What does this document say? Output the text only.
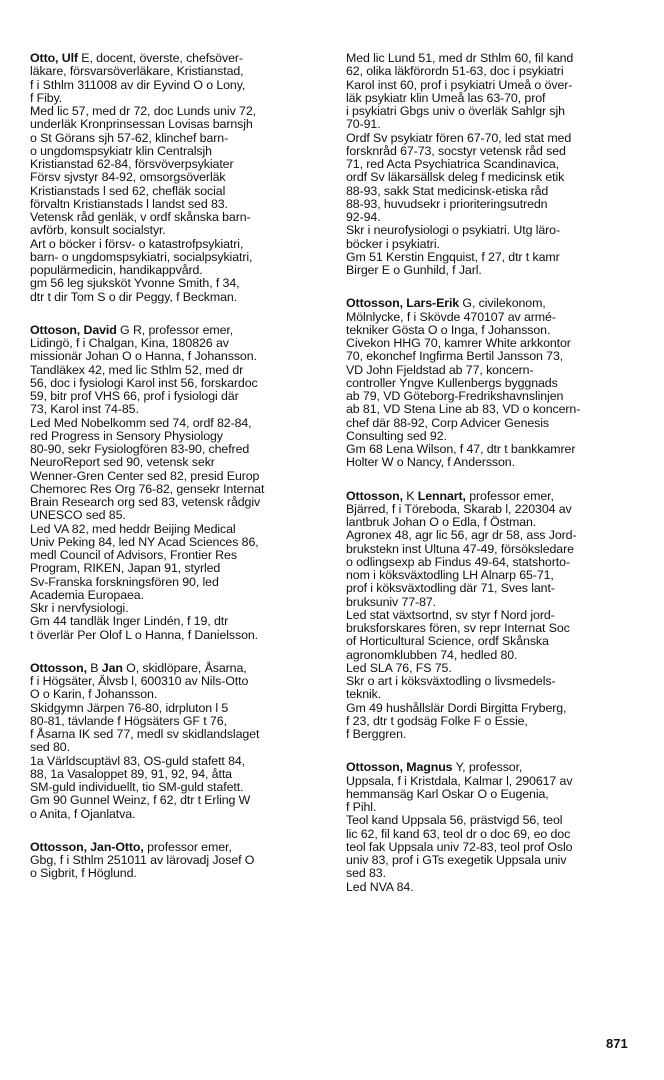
Otto, Ulf E, docent, överste, chefsöver-
läkare, försvarsöverläkare, Kristianstad,
f i Sthlm 311008 av dir Eyvind O o Lony,
f Fiby.
Med lic 57, med dr 72, doc Lunds univ 72,
underläk Kronprinsessan Lovisas barnsjh
o St Görans sjh 57-62, klinchef barn-
o ungdomspsykiatr klin Centralsjh
Kristianstad 62-84, försvöverpsykiater
Försv sjvstyr 84-92, omsorgsöverläk
Kristianstads l sed 62, chefläk social
förvaltn Kristianstads l landst sed 83.
Vetensk råd genläk, v ordf skånska barn-
avförb, konsult socialstyr.
Art o böcker i försv- o katastrofpsykiatri,
barn- o ungdomspsykiatri, socialpsykiatri,
populärmedicin, handikappvård.
gm 56 leg sjuksköt Yvonne Smith, f 34,
dtr t dir Tom S o dir Peggy, f Beckman.
Ottoson, David G R, professor emer,
Lidingö, f i Chalgan, Kina, 180826 av
missionär Johan O o Hanna, f Johansson.
Tandläkex 42, med lic Sthlm 52, med dr
56, doc i fysiologi Karol inst 56, forskardoc
59, bitr prof VHS 66, prof i fysiologi där
73, Karol inst 74-85.
Led Med Nobelkomm sed 74, ordf 82-84,
red Progress in Sensory Physiology
80-90, sekr Fysiologfören 83-90, chefred
NeuroReport sed 90, vetensk sekr
Wenner-Gren Center sed 82, presid Europ
Chemorec Res Org 76-82, gensekr Internat
Brain Research org sed 83, vetensk rådgiv
UNESCO sed 85.
Led VA 82, med heddr Beijing Medical
Univ Peking 84, led NY Acad Sciences 86,
medl Council of Advisors, Frontier Res
Program, RIKEN, Japan 91, styrled
Sv-Franska forskningsfören 90, led
Academia Europaea.
Skr i nervfysiologi.
Gm 44 tandläk Inger Lindén, f 19, dtr
t överlär Per Olof L o Hanna, f Danielsson.
Ottosson, B Jan O, skidlöpare, Åsarna,
f i Högsäter, Älvsb l, 600310 av Nils-Otto
O o Karin, f Johansson.
Skidgymn Järpen 76-80, idrpluton l 5
80-81, tävlande f Högsäters GF t 76,
f Åsarna IK sed 77, medl sv skidlandslaget
sed 80.
1a Världscuptävl 83, OS-guld stafett 84,
88, 1a Vasaloppet 89, 91, 92, 94, åtta
SM-guld individuellt, tio SM-guld stafett.
Gm 90 Gunnel Weinz, f 62, dtr t Erling W
o Anita, f Ojanlatva.
Ottosson, Jan-Otto, professor emer,
Gbg, f i Sthlm 251011 av lärovadj Josef O
o Sigbrit, f Höglund.
Med lic Lund 51, med dr Sthlm 60, fil kand
62, olika läkförordn 51-63, doc i psykiatri
Karol inst 60, prof i psykiatri Umeå o över-
läk psykiatr klin Umeå las 63-70, prof
i psykiatri Gbgs univ o överläk Sahlgr sjh
70-91.
Ordf Sv psykiatr fören 67-70, led stat med
forsknråd 67-73, socstyr vetensk råd sed
71, red Acta Psychiatrica Scandinavica,
ordf Sv läkarsällsk deleg f medicinsk etik
88-93, sakk Stat medicinsk-etiska råd
88-93, huvudsekr i prioriteringsutredn
92-94.
Skr i neurofysiologi o psykiatri. Utg läro-
böcker i psykiatri.
Gm 51 Kerstin Engquist, f 27, dtr t kamr
Birger E o Gunhild, f Jarl.
Ottosson, Lars-Erik G, civilekonom,
Mölnlycke, f i Skövde 470107 av armé-
tekniker Gösta O o Inga, f Johansson.
Civekon HHG 70, kamrer White arkkontor
70, ekonchef Ingfirma Bertil Jansson 73,
VD John Fjeldstad ab 77, koncern-
controller Yngve Kullenbergs byggnads
ab 79, VD Göteborg-Fredrikshavnslinjen
ab 81, VD Stena Line ab 83, VD o koncern-
chef där 88-92, Corp Advicer Genesis
Consulting sed 92.
Gm 68 Lena Wilson, f 47, dtr t bankkamrer
Holter W o Nancy, f Andersson.
Ottosson, K Lennart, professor emer,
Bjärred, f i Töreboda, Skarab l, 220304 av
lantbruk Johan O o Edla, f Östman.
Agronex 48, agr lic 56, agr dr 58, ass Jord-
brukstekn inst Ultuna 47-49, försöksledare
o odlingsexp ab Findus 49-64, statshorto-
nom i köksväxtodling LH Alnarp 65-71,
prof i köksväxtodling där 71, Sves lant-
bruksuniv 77-87.
Led stat växtsortnd, sv styr f Nord jord-
bruksforskares fören, sv repr Internat Soc
of Horticultural Science, ordf Skånska
agronomklubben 74, hedled 80.
Led SLA 76, FS 75.
Skr o art i köksväxtodling o livsmedels-
teknik.
Gm 49 hushållslär Dordi Birgitta Fryberg,
f 23, dtr t godsäg Folke F o Essie,
f Berggren.
Ottosson, Magnus Y, professor,
Uppsala, f i Kristdala, Kalmar l, 290617 av
hemmansäg Karl Oskar O o Eugenia,
f Pihl.
Teol kand Uppsala 56, prästvigd 56, teol
lic 62, fil kand 63, teol dr o doc 69, eo doc
teol fak Uppsala univ 72-83, teol prof Oslo
univ 83, prof i GTs exegetik Uppsala univ
sed 83.
Led NVA 84.
871
